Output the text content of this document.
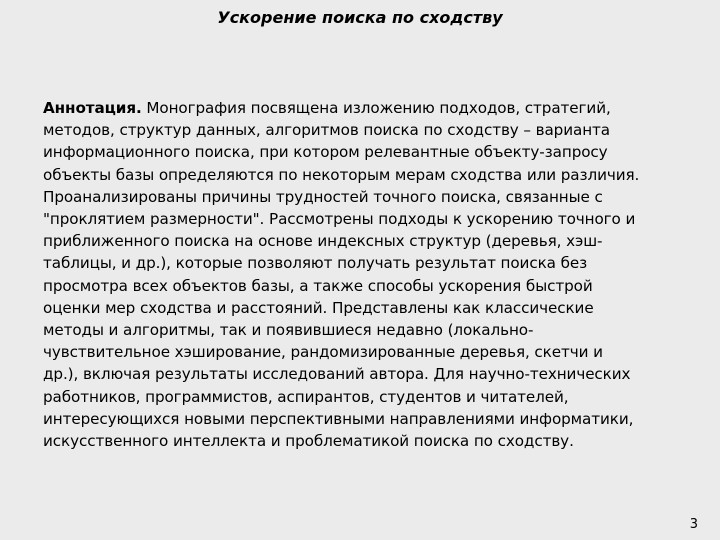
Ускорение поиска по сходству
Аннотация. Монография посвящена изложению подходов, стратегий,
методов, структур данных, алгоритмов поиска по сходству – варианта
информационного поиска, при котором релевантные объекту-запросу
объекты базы определяются по некоторым мерам сходства или различия.
Проанализированы причины трудностей точного поиска, связанные с
"проклятием размерности". Рассмотрены подходы к ускорению точного и
приближенного поиска на основе индексных структур (деревья, хэш-
таблицы, и др.), которые позволяют получать результат поиска без
просмотра всех объектов базы, а также способы ускорения быстрой
оценки мер сходства и расстояний. Представлены как классические
методы и алгоритмы, так и появившиеся недавно (локально-
чувствительное хэширование, рандомизированные деревья, скетчи и
др.), включая результаты исследований автора. Для научно-технических
работников, программистов, аспирантов, студентов и читателей,
интересующихся новыми перспективными направлениями информатики,
искусственного интеллекта и проблематикой поиска по сходству.
3
